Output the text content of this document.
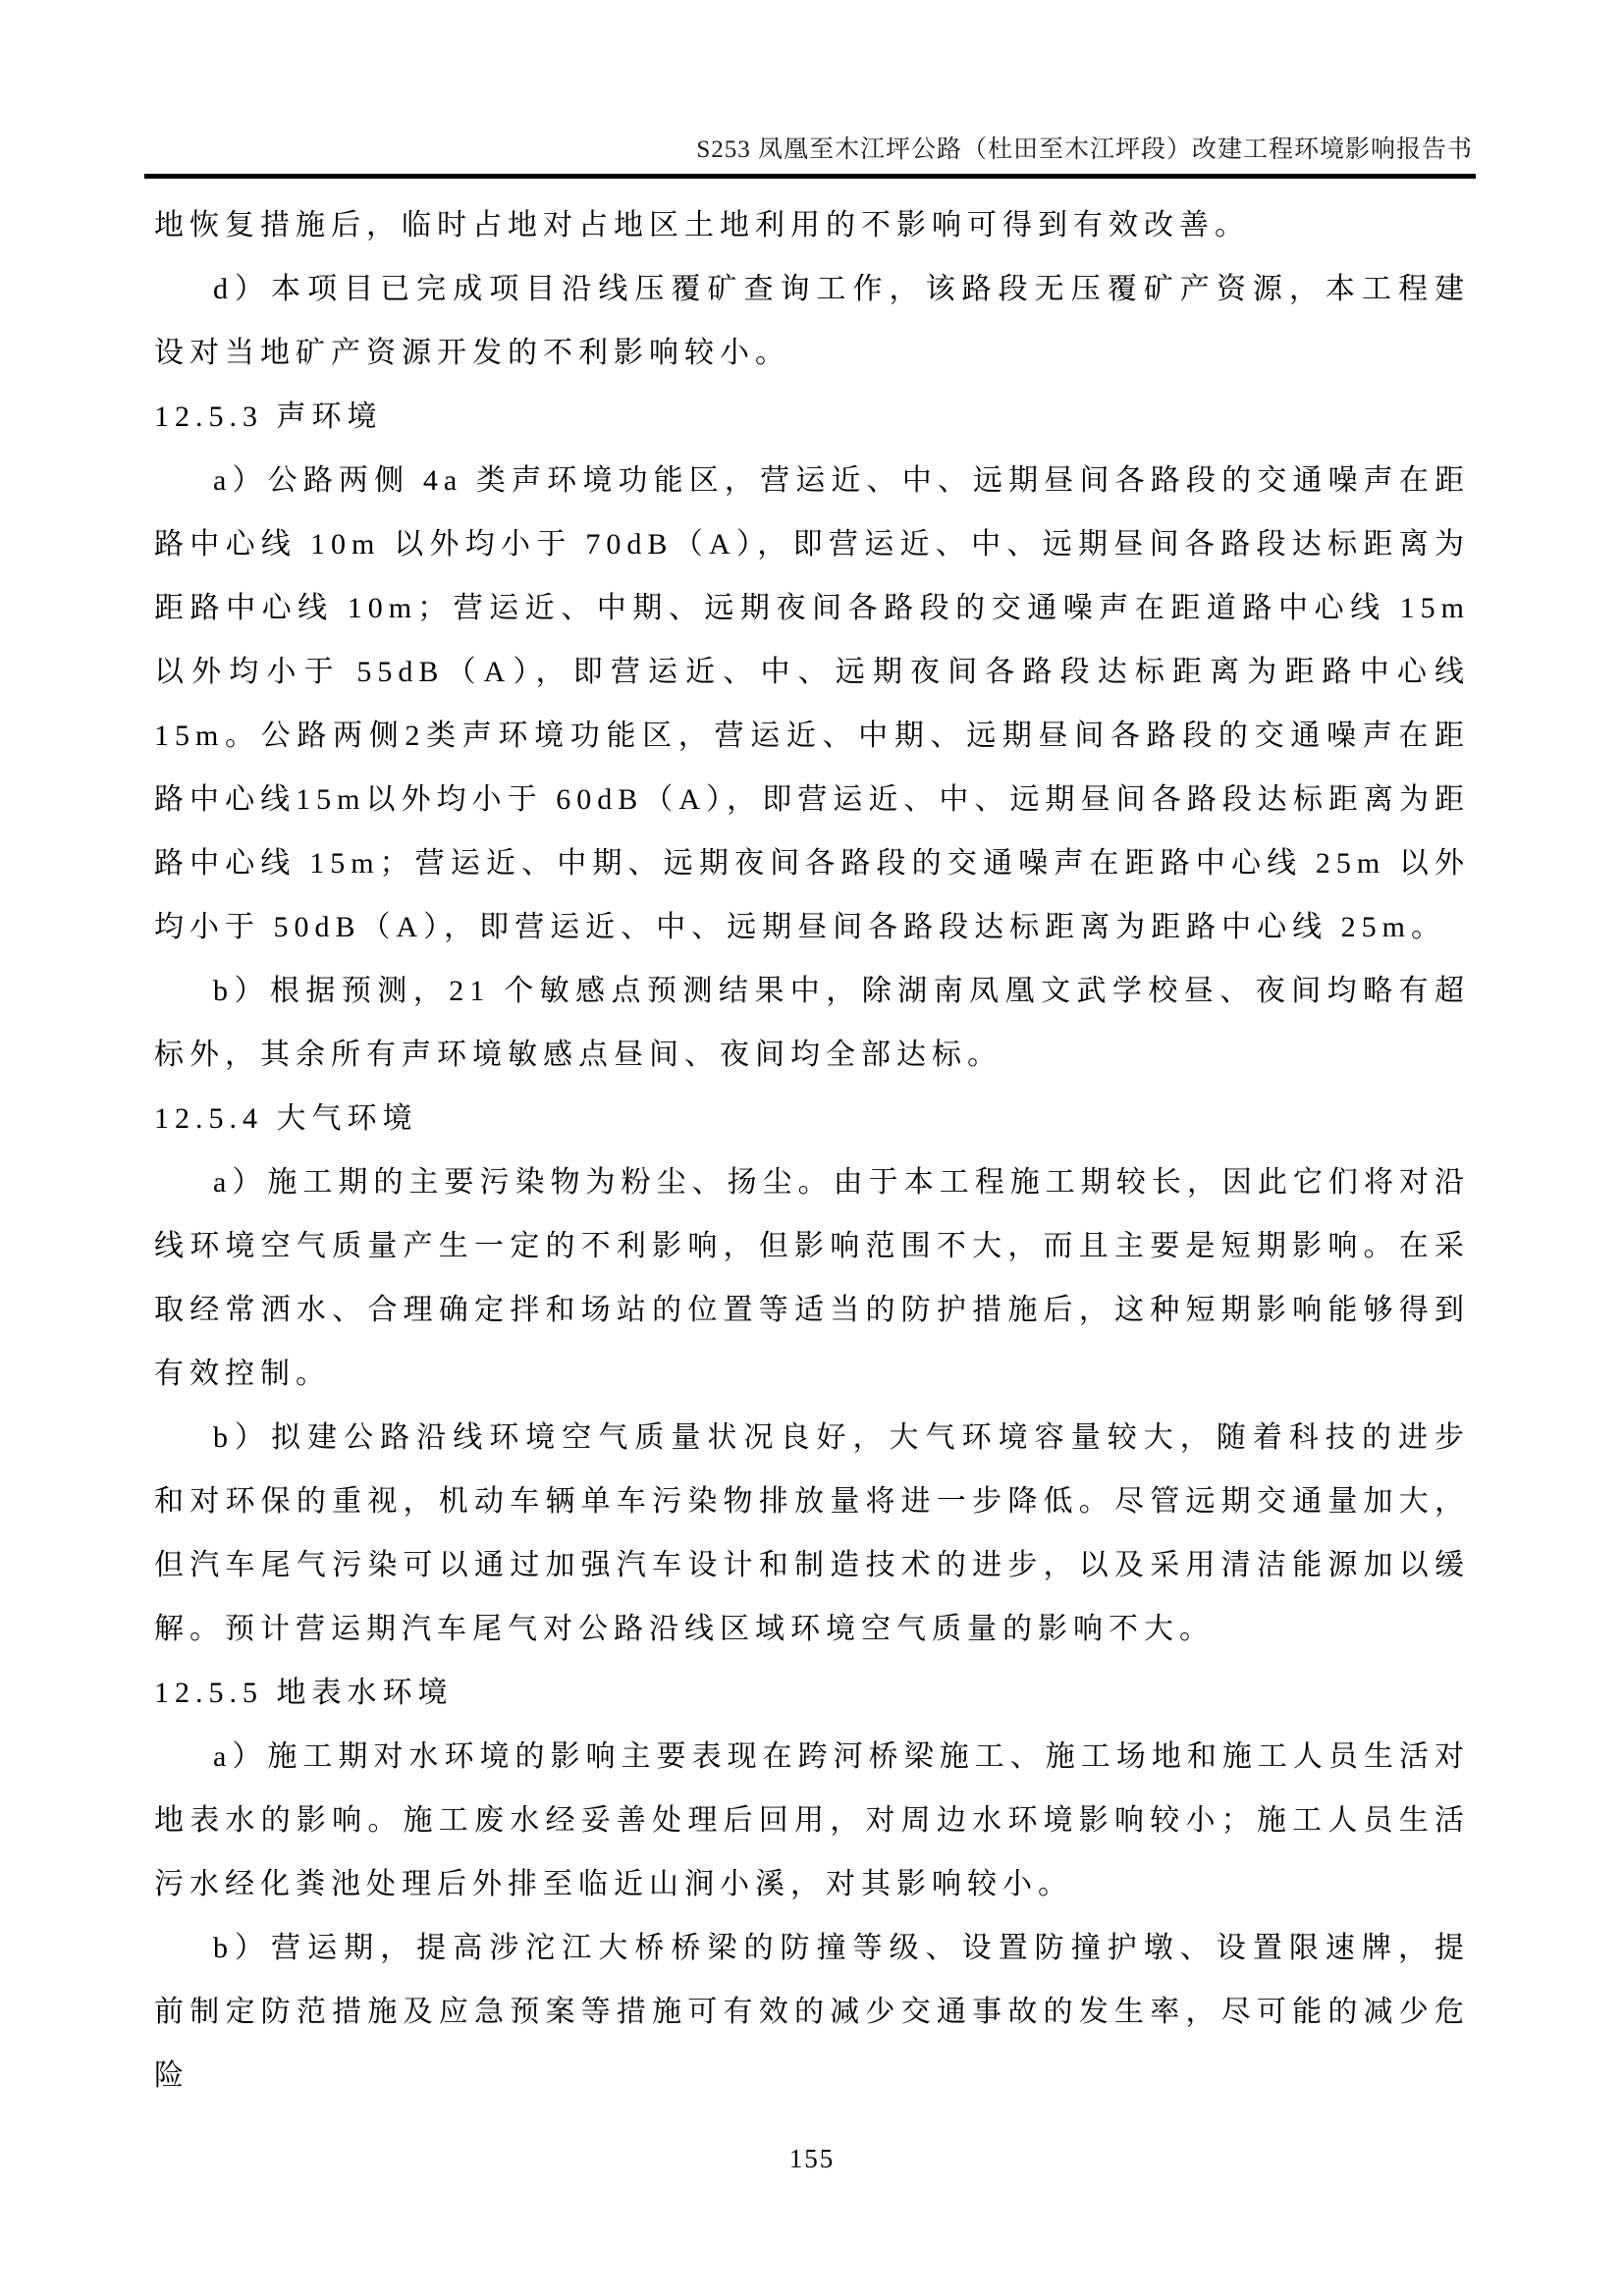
S253 凤凰至木江坪公路（杜田至木江坪段）改建工程环境影响报告书

地恢复措施后，临时占地对占地区土地利用的不影响可得到有效改善。

d）本项目已完成项目沿线压覆矿查询工作，该路段无压覆矿产资源，本工程建设对当地矿产资源开发的不利影响较小。

12.5.3 声环境

a）公路两侧 4a 类声环境功能区，营运近、中、远期昼间各路段的交通噪声在距路中心线 10m 以外均小于 70dB（A），即营运近、中、远期昼间各路段达标距离为距路中心线 10m；营运近、中期、远期夜间各路段的交通噪声在距道路中心线 15m 以外均小于 55dB（A），即营运近、中、远期夜间各路段达标距离为距路中心线 15m。公路两侧2类声环境功能区，营运近、中期、远期昼间各路段的交通噪声在距路中心线15m以外均小于 60dB（A），即营运近、中、远期昼间各路段达标距离为距路中心线 15m；营运近、中期、远期夜间各路段的交通噪声在距路中心线 25m 以外均小于 50dB（A），即营运近、中、远期昼间各路段达标距离为距路中心线 25m。

b）根据预测，21 个敏感点预测结果中，除湖南凤凰文武学校昼、夜间均略有超标外，其余所有声环境敏感点昼间、夜间均全部达标。

12.5.4 大气环境

a）施工期的主要污染物为粉尘、扬尘。由于本工程施工期较长，因此它们将对沿线环境空气质量产生一定的不利影响，但影响范围不大，而且主要是短期影响。在采取经常洒水、合理确定拌和场站的位置等适当的防护措施后，这种短期影响能够得到有效控制。

b）拟建公路沿线环境空气质量状况良好，大气环境容量较大，随着科技的进步和对环保的重视，机动车辆单车污染物排放量将进一步降低。尽管远期交通量加大，但汽车尾气污染可以通过加强汽车设计和制造技术的进步，以及采用清洁能源加以缓解。预计营运期汽车尾气对公路沿线区域环境空气质量的影响不大。

12.5.5 地表水环境

a）施工期对水环境的影响主要表现在跨河桥梁施工、施工场地和施工人员生活对地表水的影响。施工废水经妥善处理后回用，对周边水环境影响较小；施工人员生活污水经化粪池处理后外排至临近山涧小溪，对其影响较小。

b）营运期，提高涉沱江大桥桥梁的防撞等级、设置防撞护墩、设置限速牌，提前制定防范措施及应急预案等措施可有效的减少交通事故的发生率，尽可能的减少危险

155
